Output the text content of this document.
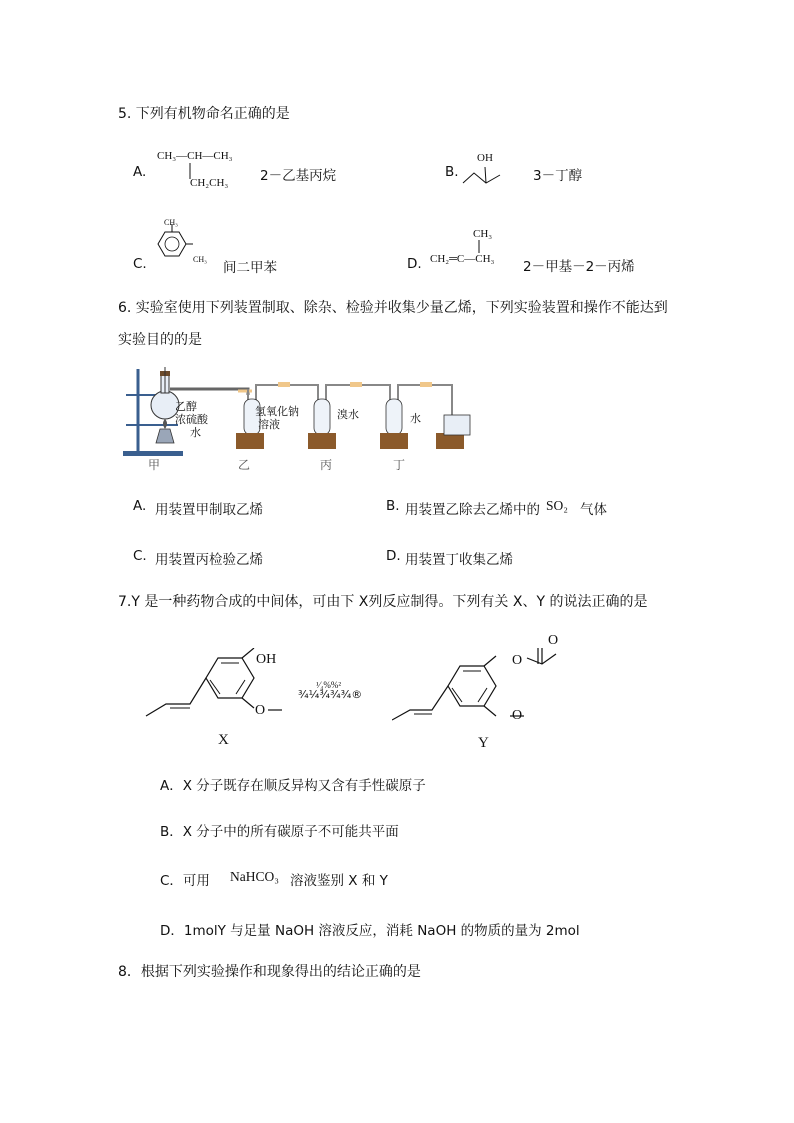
5. 下列有机物命名正确的是
A.
CH₃—CH—CH₃
CH₂CH₃ 2－乙基丙烷	B.
OH
3－丁醇
C.
CH₃
CH₃
间二甲苯	D.
CH₃
CH₂═C—CH₃ 2－甲基－2－丙烯
6. 实验室使用下列装置制取、除杂、检验并收集少量乙烯，下列实验装置和操作不能达到
实验目的的是
乙醇
浓硫酸
水
氢氧化钠
溶液
溴水	水
甲	乙	丙	丁
A. 用装置甲制取乙烯	B. 用装置乙除去乙烯中的 SO₂ 气体
C. 用装置丙检验乙烯	D. 用装置丁收集乙烯
7.Y 是一种药物合成的中间体，可由下 X列反应制得。下列有关 X、Y 的说法正确的是
OH
O
X
¹⁄₄%%²
¾¼¾¾¾®
O
O
O
Y
A．X 分子既存在顺反异构又含有手性碳原子
B．X 分子中的所有碳原子不可能共平面
C．可用 NaHCO₃ 溶液鉴别 X 和 Y
D．1molY 与足量 NaOH 溶液反应，消耗 NaOH 的物质的量为 2mol
8．根据下列实验操作和现象得出的结论正确的是
